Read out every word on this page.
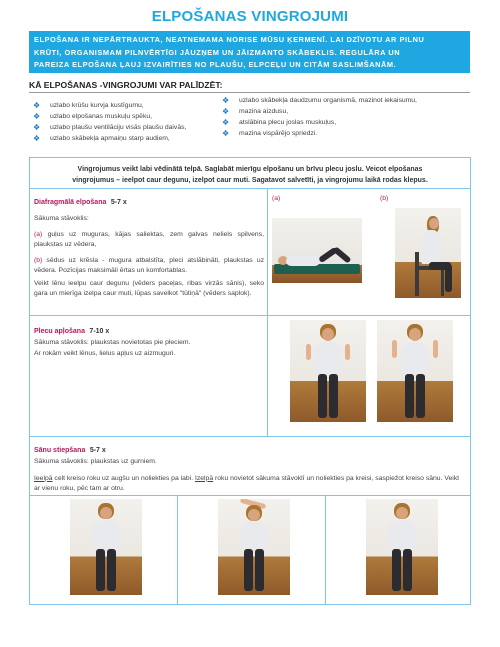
ELPOŠANAS VINGROJUMI
ELPOŠANA IR NEPĀRTRAUKTA, NEATNEMAMA NORISE MŪSU ĶERMENĪ. LAI DZĪVOTU AR PILNU
KRŪTI, ORGANISMAM PILNVĒRTĪGI JĀUZŅEM UN JĀIZMANTO SKĀBEKLIS. REGULĀRA UN
PAREIZA ELPOŠANA ĻAUJ IZVAIRĪTIES NO PLAUŠU, ELPCEĻU UN CITĀM SASLIMŠANĀM.
KĀ ELPOŠANAS -VINGROJUMI VAR PALĪDZĒT:
❖ uzlabo krūšu kurvja kustīgumu,
❖ uzlabo elpošanas muskuļu spēku,
❖ uzlabo plaušu ventilāciju visās plaušu daivās,
❖ uzlabo skābekļa apmaiņu starp audiem,
❖ uzlabo skābekļa daudzumu organismā, mazinot iekaisumu,
❖ mazina aizdusu,
❖ atslābina plecu joslas muskuļus,
❖ mazina vispārējo spriedzi.
Vingrojumus veikt labi vēdinātā telpā. Saglabāt mierīgu elpošanu un brīvu plecu joslu. Veicot elpošanas
vingrojumus – ieelpot caur degunu, izelpot caur muti. Sagatavot salvetīti, ja vingrojumu laikā rodas klepus.
Diafragmālā elpošana 5-7 x
Sākuma stāvoklis:
(a) guļus uz muguras, kājas saliektas, zem galvas neliels spilvens, plaukstas uz vēdera,
(b) sēdus uz krēsla - mugura atbalstīta, pleci atslābināti, plaukstas uz vēdera. Pozīcijas maksimāli ērtas un komfortablas.
Veikt lēnu ieelpu caur degunu (vēders paceļas, ribas virzās sānis), seko gara un mierīga izelpa caur muti, lūpas savelkot "tūtiņā" (vēders saplok).
(a)	(b)
Plecu apļošana 7-10 x
Sākuma stāvoklis: plaukstas novietotas pie pleciem.
Ar rokām veikt lēnus, lielus apļus uz aizmuguri.
Sānu stiepšana 5-7 x
Sākuma stāvoklis: plaukstas uz gurniem.
Ieelpā celt kreiso roku uz augšu un noliekties pa labi. Izelpā roku novietot sākuma stāvoklī un noliekties pa kreisi, saspiežot kreiso sānu. Veikt ar vienu roku, pēc tam ar otru.
